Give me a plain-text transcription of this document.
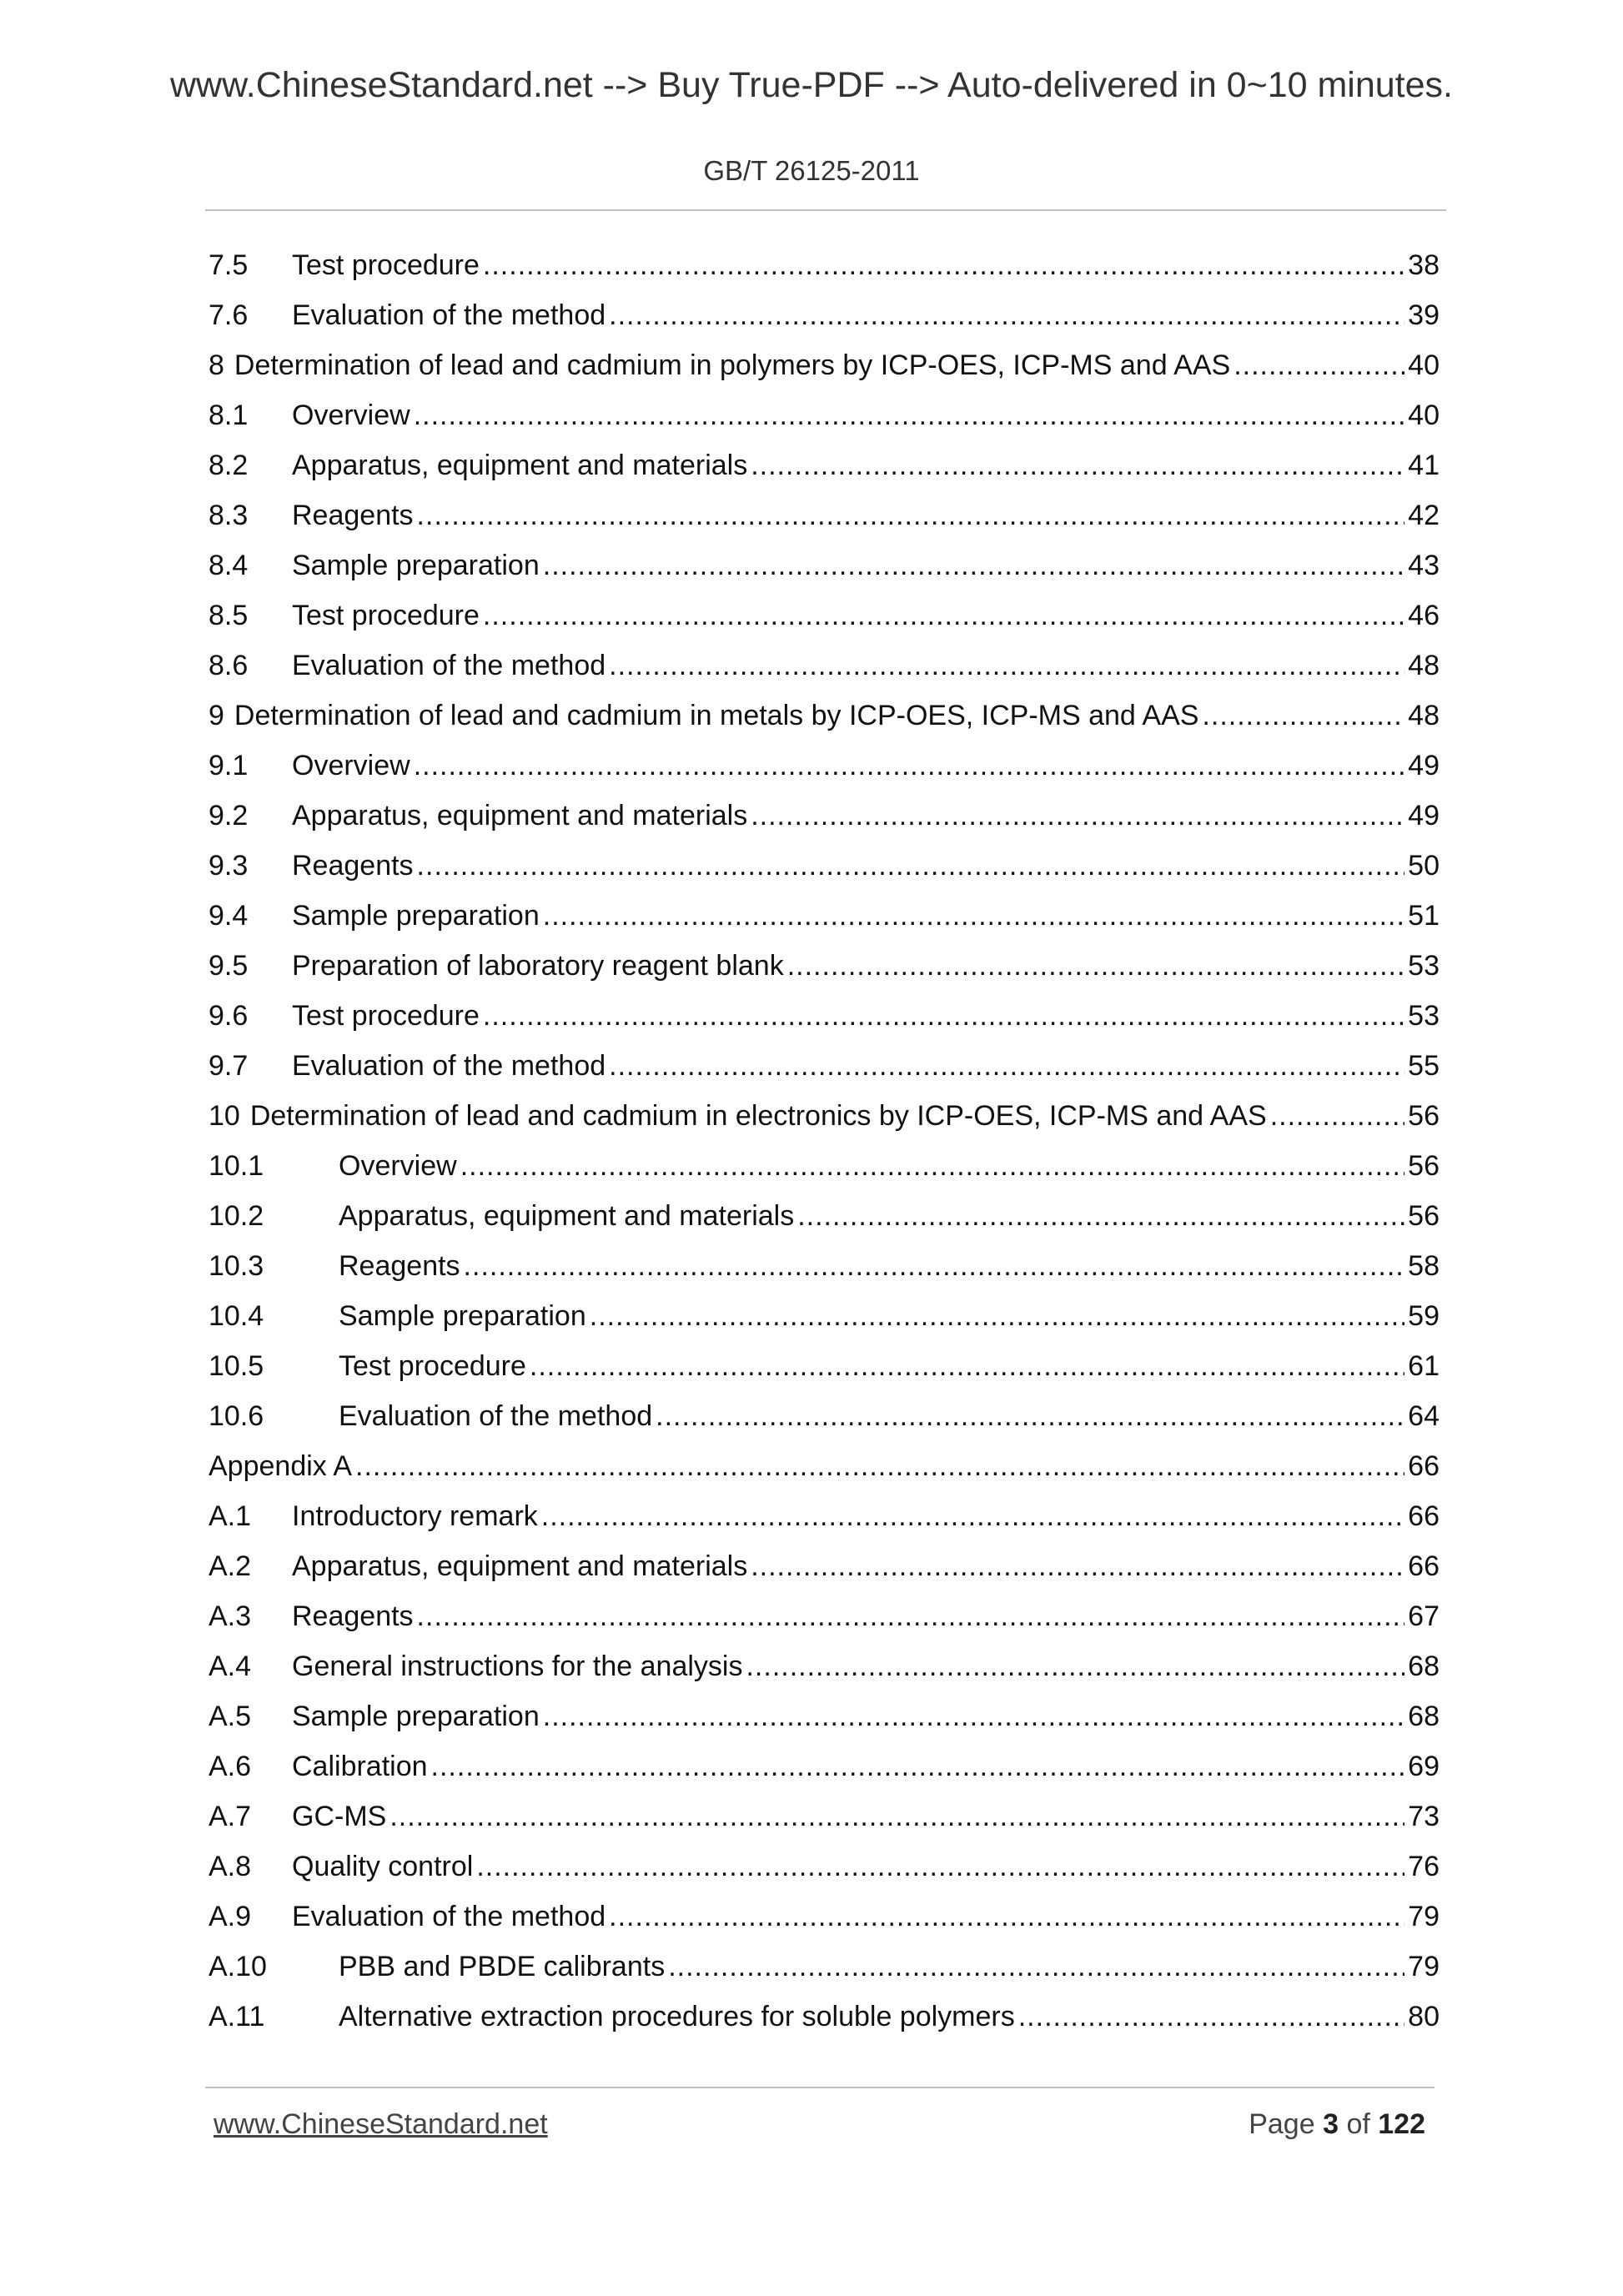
www.ChineseStandard.net --> Buy True-PDF --> Auto-delivered in 0~10 minutes.
GB/T 26125-2011
7.5	Test procedure .....	38
7.6	Evaluation of the method .....	39
8 Determination of lead and cadmium in polymers by ICP-OES, ICP-MS and AAS .....	40
8.1	Overview .....	40
8.2	Apparatus, equipment and materials .....	41
8.3	Reagents .....	42
8.4	Sample preparation .....	43
8.5	Test procedure .....	46
8.6	Evaluation of the method .....	48
9 Determination of lead and cadmium in metals by ICP-OES, ICP-MS and AAS .....	48
9.1	Overview .....	49
9.2	Apparatus, equipment and materials .....	49
9.3	Reagents .....	50
9.4	Sample preparation .....	51
9.5	Preparation of laboratory reagent blank .....	53
9.6	Test procedure .....	53
9.7	Evaluation of the method .....	55
10 Determination of lead and cadmium in electronics by ICP-OES, ICP-MS and AAS .....	56
10.1	Overview .....	56
10.2	Apparatus, equipment and materials .....	56
10.3	Reagents .....	58
10.4	Sample preparation .....	59
10.5	Test procedure .....	61
10.6	Evaluation of the method .....	64
Appendix A .....	66
A.1	Introductory remark .....	66
A.2	Apparatus, equipment and materials .....	66
A.3	Reagents .....	67
A.4	General instructions for the analysis .....	68
A.5	Sample preparation .....	68
A.6	Calibration .....	69
A.7	GC-MS .....	73
A.8	Quality control .....	76
A.9	Evaluation of the method .....	79
A.10	PBB and PBDE calibrants .....	79
A.11	Alternative extraction procedures for soluble polymers .....	80
www.ChineseStandard.net	Page 3 of 122
